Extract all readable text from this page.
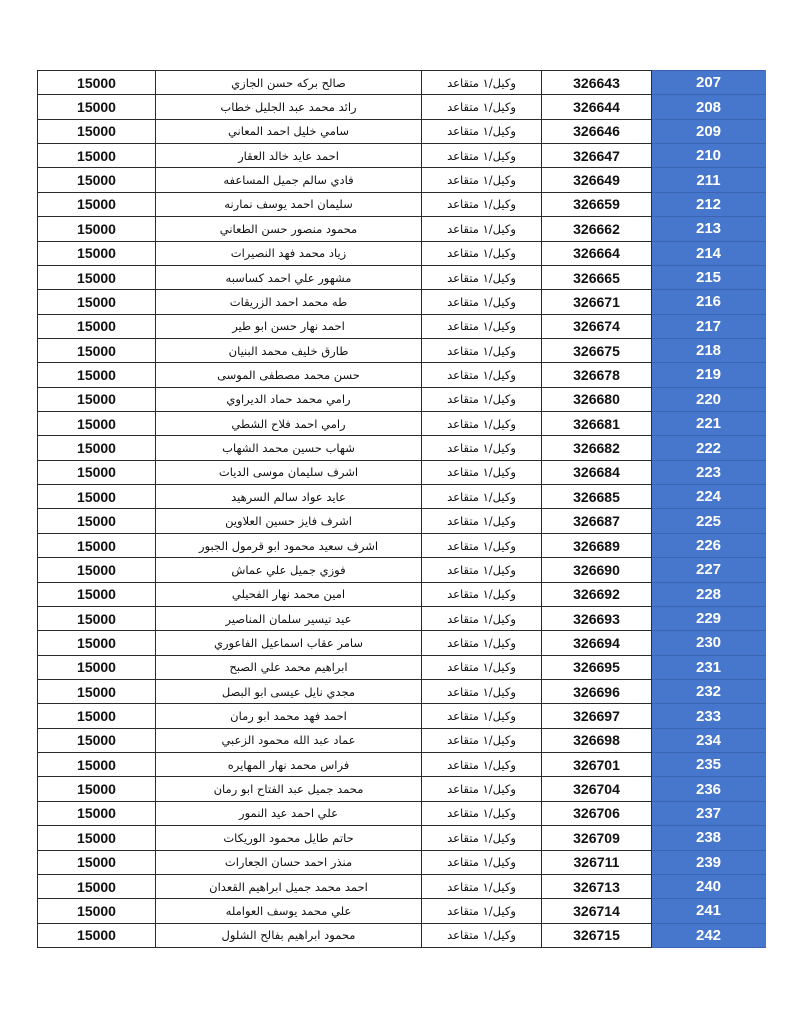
15000	صالح بركه حسن الجازي	وكيل/١ متقاعد	326643	207
15000	رائد محمد عبد الجليل خطاب	وكيل/١ متقاعد	326644	208
15000	سامي خليل احمد المعاني	وكيل/١ متقاعد	326646	209
15000	احمد عايد خالد العقار	وكيل/١ متقاعد	326647	210
15000	فادي سالم جميل المساعفه	وكيل/١ متقاعد	326649	211
15000	سليمان احمد يوسف نمارنه	وكيل/١ متقاعد	326659	212
15000	محمود منصور حسن الطعاني	وكيل/١ متقاعد	326662	213
15000	زياد محمد فهد النصيرات	وكيل/١ متقاعد	326664	214
15000	مشهور علي احمد كساسبه	وكيل/١ متقاعد	326665	215
15000	طه محمد احمد الزريقات	وكيل/١ متقاعد	326671	216
15000	احمد نهار حسن ابو طير	وكيل/١ متقاعد	326674	217
15000	طارق خليف محمد البنيان	وكيل/١ متقاعد	326675	218
15000	حسن محمد مصطفى الموسى	وكيل/١ متقاعد	326678	219
15000	رامي محمد حماد الديراوي	وكيل/١ متقاعد	326680	220
15000	رامي احمد فلاح الشطي	وكيل/١ متقاعد	326681	221
15000	شهاب حسين محمد الشهاب	وكيل/١ متقاعد	326682	222
15000	اشرف سليمان موسى الديات	وكيل/١ متقاعد	326684	223
15000	عايد عواد سالم السرهيد	وكيل/١ متقاعد	326685	224
15000	اشرف فايز حسين العلاوين	وكيل/١ متقاعد	326687	225
15000	اشرف سعيد محمود ابو قرمول الجبور	وكيل/١ متقاعد	326689	226
15000	فوزي جميل علي عماش	وكيل/١ متقاعد	326690	227
15000	امين محمد نهار الفحيلي	وكيل/١ متقاعد	326692	228
15000	عيد تيسير سلمان المناصير	وكيل/١ متقاعد	326693	229
15000	سامر عقاب اسماعيل الفاعوري	وكيل/١ متقاعد	326694	230
15000	ابراهيم محمد علي الصبح	وكيل/١ متقاعد	326695	231
15000	مجدي نايل عيسى ابو البصل	وكيل/١ متقاعد	326696	232
15000	احمد فهد محمد ابو رمان	وكيل/١ متقاعد	326697	233
15000	عماد عبد الله محمود الزعبي	وكيل/١ متقاعد	326698	234
15000	فراس محمد نهار المهايره	وكيل/١ متقاعد	326701	235
15000	محمد جميل عبد الفتاح ابو رمان	وكيل/١ متقاعد	326704	236
15000	علي احمد عيد النمور	وكيل/١ متقاعد	326706	237
15000	حاتم طايل محمود الوريكات	وكيل/١ متقاعد	326709	238
15000	منذر احمد حسان الجعارات	وكيل/١ متقاعد	326711	239
15000	احمد محمد جميل ابراهيم القعدان	وكيل/١ متقاعد	326713	240
15000	علي محمد يوسف العوامله	وكيل/١ متقاعد	326714	241
15000	محمود ابراهيم بفالح الشلول	وكيل/١ متقاعد	326715	242
